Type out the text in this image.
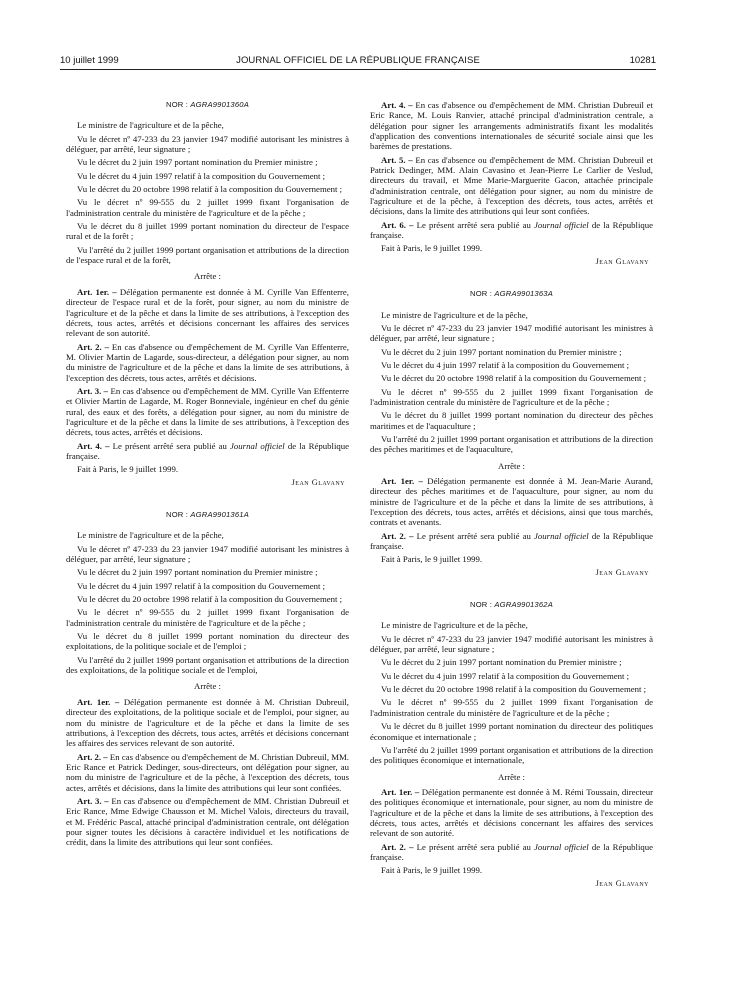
10 juillet 1999	JOURNAL OFFICIEL DE LA RÉPUBLIQUE FRANÇAISE	10281
NOR : AGRA9901360A

Le ministre de l'agriculture et de la pêche,

Vu le décret nº 47-233 du 23 janvier 1947 modifié autorisant les ministres à déléguer, par arrêté, leur signature ;

Vu le décret du 2 juin 1997 portant nomination du Premier ministre ;

Vu le décret du 4 juin 1997 relatif à la composition du Gouvernement ;

Vu le décret du 20 octobre 1998 relatif à la composition du Gouvernement ;

Vu le décret nº 99-555 du 2 juillet 1999 fixant l'organisation de l'administration centrale du ministère de l'agriculture et de la pêche ;

Vu le décret du 8 juillet 1999 portant nomination du directeur de l'espace rural et de la forêt ;

Vu l'arrêté du 2 juillet 1999 portant organisation et attributions de la direction de l'espace rural et de la forêt,

Arrête :

Art. 1er. – Délégation permanente est donnée à M. Cyrille Van Effenterre, directeur de l'espace rural et de la forêt, pour signer, au nom du ministre de l'agriculture et de la pêche et dans la limite de ses attributions, à l'exception des décrets, tous actes, arrêtés et décisions concernant les affaires des services relevant de son autorité.

Art. 2. – En cas d'absence ou d'empêchement de M. Cyrille Van Effenterre, M. Olivier Martin de Lagarde, sous-directeur, a délégation pour signer, au nom du ministre de l'agriculture et de la pêche et dans la limite de ses attributions, à l'exception des décrets, tous actes, arrêtés et décisions.

Art. 3. – En cas d'absence ou d'empêchement de MM. Cyrille Van Effenterre et Olivier Martin de Lagarde, M. Roger Bonneviale, ingénieur en chef du génie rural, des eaux et des forêts, a délégation pour signer, au nom du ministre de l'agriculture et de la pêche et dans la limite de ses attributions, à l'exception des décrets, tous actes, arrêtés et décisions.

Art. 4. – Le présent arrêté sera publié au Journal officiel de la République française.

Fait à Paris, le 9 juillet 1999.

Jean Glavany
NOR : AGRA9901361A

Le ministre de l'agriculture et de la pêche,

Vu le décret nº 47-233 du 23 janvier 1947 modifié autorisant les ministres à déléguer, par arrêté, leur signature ;

Vu le décret du 2 juin 1997 portant nomination du Premier ministre ;

Vu le décret du 4 juin 1997 relatif à la composition du Gouvernement ;

Vu le décret du 20 octobre 1998 relatif à la composition du Gouvernement ;

Vu le décret nº 99-555 du 2 juillet 1999 fixant l'organisation de l'administration centrale du ministère de l'agriculture et de la pêche ;

Vu le décret du 8 juillet 1999 portant nomination du directeur des exploitations, de la politique sociale et de l'emploi ;

Vu l'arrêté du 2 juillet 1999 portant organisation et attributions de la direction des exploitations, de la politique sociale et de l'emploi,

Arrête :

Art. 1er. – Délégation permanente est donnée à M. Christian Dubreuil, directeur des exploitations, de la politique sociale et de l'emploi, pour signer, au nom du ministre de l'agriculture et de la pêche et dans la limite de ses attributions, à l'exception des décrets, tous actes, arrêtés et décisions concernant les affaires des services relevant de son autorité.

Art. 2. – En cas d'absence ou d'empêchement de M. Christian Dubreuil, MM. Eric Rance et Patrick Dedinger, sous-directeurs, ont délégation pour signer, au nom du ministre de l'agriculture et de la pêche, à l'exception des décrets, tous actes, arrêtés et décisions, dans la limite des attributions qui leur sont confiées.

Art. 3. – En cas d'absence ou d'empêchement de MM. Christian Dubreuil et Eric Rance, Mme Edwige Chausson et M. Michel Valois, directeurs du travail, et M. Frédéric Pascal, attaché principal d'administration centrale, ont délégation pour signer toutes les décisions à caractère individuel et les notifications de crédit, dans la limite des attributions qui leur sont confiées.

Art. 4. – En cas d'absence ou d'empêchement de MM. Christian Dubreuil et Eric Rance, M. Louis Ranvier, attaché principal d'administration centrale, a délégation pour signer les arrangements administratifs fixant les modalités d'application des conventions internationales de sécurité sociale ainsi que les barèmes de prestations.

Art. 5. – En cas d'absence ou d'empêchement de MM. Christian Dubreuil et Patrick Dedinger, MM. Alain Cavasino et Jean-Pierre Le Carlier de Veslud, directeurs du travail, et Mme Marie-Marguerite Gacon, attachée principale d'administration centrale, ont délégation pour signer, au nom du ministre de l'agriculture et de la pêche, à l'exception des décrets, tous actes, arrêtés et décisions, dans la limite des attributions qui leur sont confiées.

Art. 6. – Le présent arrêté sera publié au Journal officiel de la République française.

Fait à Paris, le 9 juillet 1999.

Jean Glavany
NOR : AGRA9901363A

Le ministre de l'agriculture et de la pêche,

Vu le décret nº 47-233 du 23 janvier 1947 modifié autorisant les ministres à déléguer, par arrêté, leur signature ;

Vu le décret du 2 juin 1997 portant nomination du Premier ministre ;

Vu le décret du 4 juin 1997 relatif à la composition du Gouvernement ;

Vu le décret du 20 octobre 1998 relatif à la composition du Gouvernement ;

Vu le décret nº 99-555 du 2 juillet 1999 fixant l'organisation de l'administration centrale du ministère de l'agriculture et de la pêche ;

Vu le décret du 8 juillet 1999 portant nomination du directeur des pêches maritimes et de l'aquaculture ;

Vu l'arrêté du 2 juillet 1999 portant organisation et attributions de la direction des pêches maritimes et de l'aquaculture,

Arrête :

Art. 1er. – Délégation permanente est donnée à M. Jean-Marie Aurand, directeur des pêches maritimes et de l'aquaculture, pour signer, au nom du ministre de l'agriculture et de la pêche et dans la limite de ses attributions, à l'exception des décrets, tous actes, arrêtés et décisions, ainsi que tous marchés, contrats et avenants.

Art. 2. – Le présent arrêté sera publié au Journal officiel de la République française.

Fait à Paris, le 9 juillet 1999.

Jean Glavany
NOR : AGRA9901362A

Le ministre de l'agriculture et de la pêche,

Vu le décret nº 47-233 du 23 janvier 1947 modifié autorisant les ministres à déléguer, par arrêté, leur signature ;

Vu le décret du 2 juin 1997 portant nomination du Premier ministre ;

Vu le décret du 4 juin 1997 relatif à la composition du Gouvernement ;

Vu le décret du 20 octobre 1998 relatif à la composition du Gouvernement ;

Vu le décret nº 99-555 du 2 juillet 1999 fixant l'organisation de l'administration centrale du ministère de l'agriculture et de la pêche ;

Vu le décret du 8 juillet 1999 portant nomination du directeur des politiques économique et internationale ;

Vu l'arrêté du 2 juillet 1999 portant organisation et attributions de la direction des politiques économique et internationale,

Arrête :

Art. 1er. – Délégation permanente est donnée à M. Rémi Toussain, directeur des politiques économique et internationale, pour signer, au nom du ministre de l'agriculture et de la pêche et dans la limite de ses attributions, à l'exception des décrets, tous actes, arrêtés et décisions concernant les affaires des services relevant de son autorité.

Art. 2. – Le présent arrêté sera publié au Journal officiel de la République française.

Fait à Paris, le 9 juillet 1999.

Jean Glavany
